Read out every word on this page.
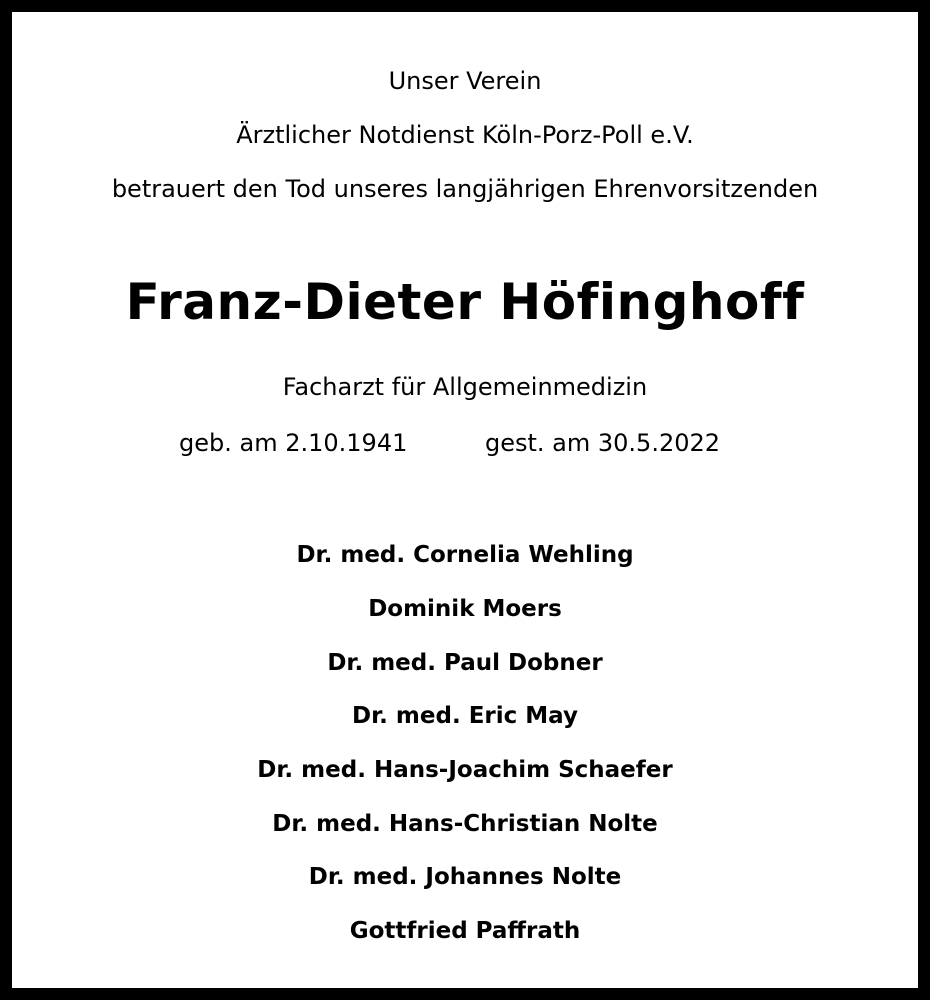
Unser Verein
Ärztlicher Notdienst Köln-Porz-Poll e.V.
betrauert den Tod unseres langjährigen Ehrenvorsitzenden
Franz-Dieter Höfinghoff
Facharzt für Allgemeinmedizin
geb. am 2.10.1941	gest. am 30.5.2022
Dr. med. Cornelia Wehling
Dominik Moers
Dr. med. Paul Dobner
Dr. med. Eric May
Dr. med. Hans-Joachim Schaefer
Dr. med. Hans-Christian Nolte
Dr. med. Johannes Nolte
Gottfried Paffrath
